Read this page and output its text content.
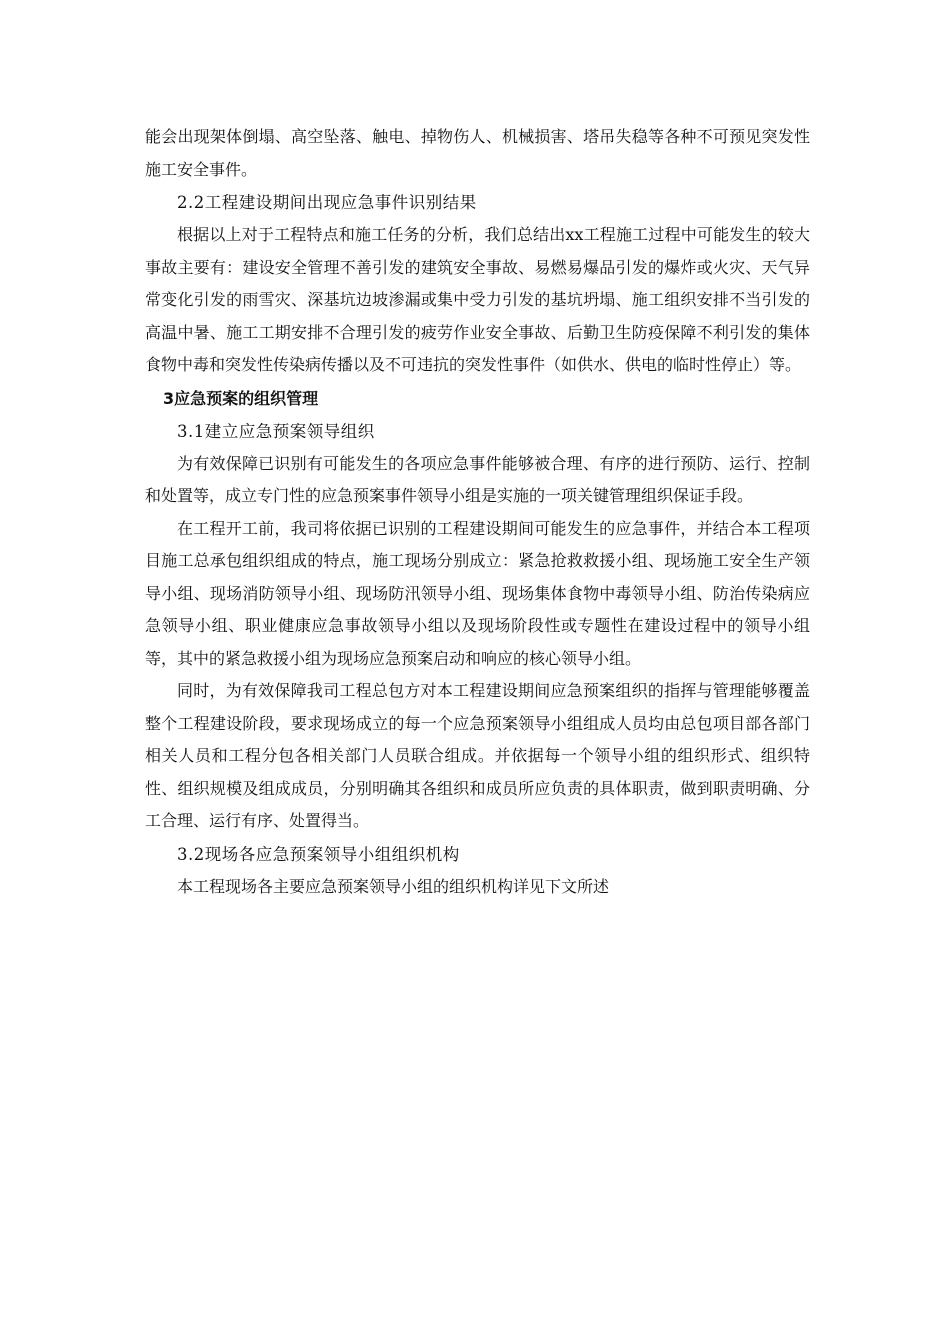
能会出现架体倒塌、高空坠落、触电、掉物伤人、机械损害、塔吊失稳等各种不可预见突发性施工安全事件。

2.2工程建设期间出现应急事件识别结果

根据以上对于工程特点和施工任务的分析，我们总结出xx工程施工过程中可能发生的较大事故主要有：建设安全管理不善引发的建筑安全事故、易燃易爆品引发的爆炸或火灾、天气异常变化引发的雨雪灾、深基坑边坡渗漏或集中受力引发的基坑坍塌、施工组织安排不当引发的高温中暑、施工工期安排不合理引发的疲劳作业安全事故、后勤卫生防疫保障不利引发的集体食物中毒和突发性传染病传播以及不可违抗的突发性事件（如供水、供电的临时性停止）等。

3应急预案的组织管理

3.1建立应急预案领导组织

为有效保障已识别有可能发生的各项应急事件能够被合理、有序的进行预防、运行、控制和处置等，成立专门性的应急预案事件领导小组是实施的一项关键管理组织保证手段。

在工程开工前，我司将依据已识别的工程建设期间可能发生的应急事件，并结合本工程项目施工总承包组织组成的特点，施工现场分别成立：紧急抢救救援小组、现场施工安全生产领导小组、现场消防领导小组、现场防汛领导小组、现场集体食物中毒领导小组、防治传染病应急领导小组、职业健康应急事故领导小组以及现场阶段性或专题性在建设过程中的领导小组等，其中的紧急救援小组为现场应急预案启动和响应的核心领导小组。

同时，为有效保障我司工程总包方对本工程建设期间应急预案组织的指挥与管理能够覆盖整个工程建设阶段，要求现场成立的每一个应急预案领导小组组成人员均由总包项目部各部门相关人员和工程分包各相关部门人员联合组成。并依据每一个领导小组的组织形式、组织特性、组织规模及组成成员，分别明确其各组织和成员所应负责的具体职责，做到职责明确、分工合理、运行有序、处置得当。

3.2现场各应急预案领导小组组织机构

本工程现场各主要应急预案领导小组的组织机构详见下文所述
